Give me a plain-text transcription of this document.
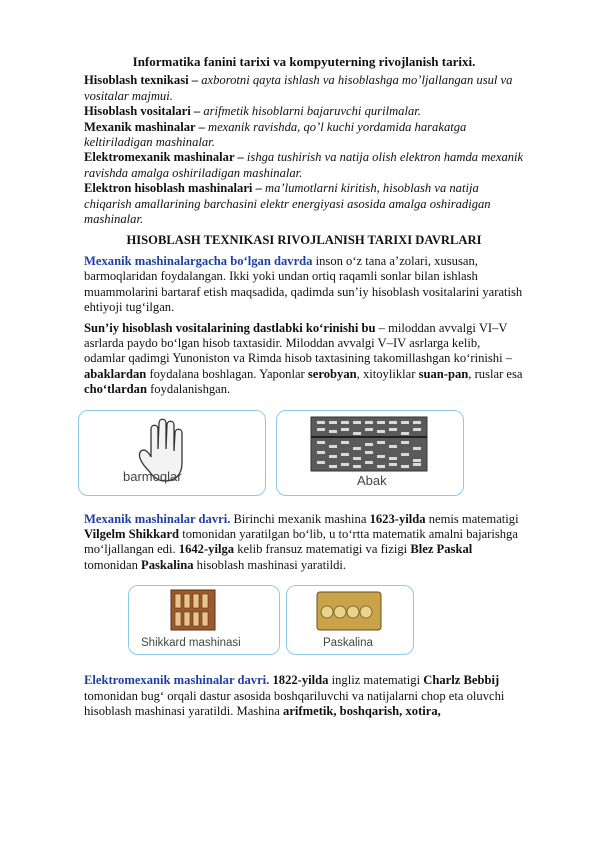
Informatika fanini tarixi va kompyuterning rivojlanish tarixi.

Hisoblash texnikasi – axborotni qayta ishlash va hisoblashga mo’ljallangan usul va vositalar majmui.

Hisoblash vositalari – arifmetik hisoblarni bajaruvchi qurilmalar.

Mexanik mashinalar – mexanik ravishda, qo’l kuchi yordamida harakatga keltiriladigan mashinalar.

Elektromexanik mashinalar – ishga tushirish va natija olish elektron hamda mexanik ravishda amalga oshiriladigan mashinalar.

Elektron hisoblash mashinalari – ma’lumotlarni kiritish, hisoblash va natija chiqarish amallarining barchasini elektr energiyasi asosida amalga oshiradigan mashinalar.

HISOBLASH TEXNIKASI RIVOJLANISH TARIXI DAVRLARI

Mexanik mashinalargacha bo‘lgan davrda inson o‘z tana a’zolari, xususan, barmoqlaridan foydalangan. Ikki yoki undan ortiq raqamli sonlar bilan ishlash muammolarini bartaraf etish maqsadida, qadimda sun’iy hisoblash vositalarini yaratish ehtiyoji tug‘ilgan.

Sun’iy hisoblash vositalarining dastlabki ko‘rinishi bu – miloddan avvalgi VI–V asrlarda paydo bo‘lgan hisob taxtasidir. Miloddan avvalgi V–IV asrlarga kelib, odamlar qadimgi Yunoniston va Rimda hisob taxtasining takomillashgan ko‘rinishi – abaklardan foydalana boshlagan. Yaponlar serobyan, xitoyliklar suan-pan, ruslar esa cho‘tlardan foydalanishgan.

barmoqlar	Abak

Mexanik mashinalar davri. Birinchi mexanik mashina 1623-yilda nemis matematigi Vilgelm Shikkard tomonidan yaratilgan bo‘lib, u to‘rtta matematik amalni bajarishga mo‘ljallangan edi. 1642-yilga kelib fransuz matematigi va fizigi Blez Paskal tomonidan Paskalina hisoblash mashinasi yaratildi.

Shikkard mashinasi	Paskalina

Elektromexanik mashinalar davri. 1822-yilda ingliz matematigi Charlz Bebbij tomonidan bug‘ orqali dastur asosida boshqariluvchi va natijalarni chop eta oluvchi hisoblash mashinasi yaratildi. Mashina arifmetik, boshqarish, xotira,
